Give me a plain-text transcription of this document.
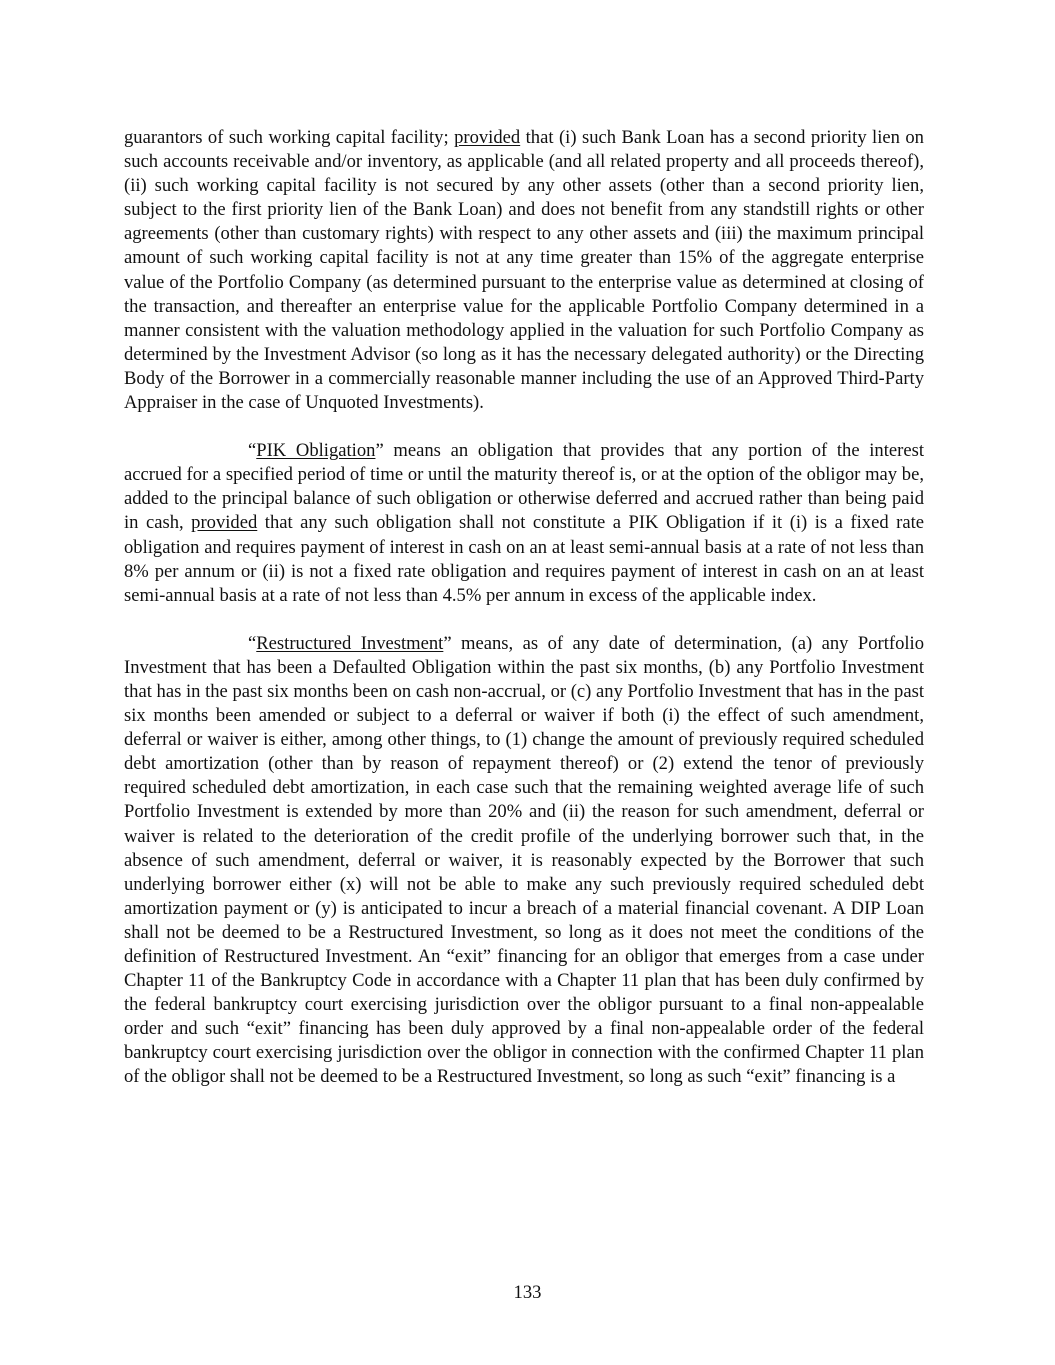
guarantors of such working capital facility; provided that (i) such Bank Loan has a second priority lien on such accounts receivable and/or inventory, as applicable (and all related property and all proceeds thereof), (ii) such working capital facility is not secured by any other assets (other than a second priority lien, subject to the first priority lien of the Bank Loan) and does not benefit from any standstill rights or other agreements (other than customary rights) with respect to any other assets and (iii) the maximum principal amount of such working capital facility is not at any time greater than 15% of the aggregate enterprise value of the Portfolio Company (as determined pursuant to the enterprise value as determined at closing of the transaction, and thereafter an enterprise value for the applicable Portfolio Company determined in a manner consistent with the valuation methodology applied in the valuation for such Portfolio Company as determined by the Investment Advisor (so long as it has the necessary delegated authority) or the Directing Body of the Borrower in a commercially reasonable manner including the use of an Approved Third-Party Appraiser in the case of Unquoted Investments).

“PIK Obligation” means an obligation that provides that any portion of the interest accrued for a specified period of time or until the maturity thereof is, or at the option of the obligor may be, added to the principal balance of such obligation or otherwise deferred and accrued rather than being paid in cash, provided that any such obligation shall not constitute a PIK Obligation if it (i) is a fixed rate obligation and requires payment of interest in cash on an at least semi-annual basis at a rate of not less than 8% per annum or (ii) is not a fixed rate obligation and requires payment of interest in cash on an at least semi-annual basis at a rate of not less than 4.5% per annum in excess of the applicable index.

“Restructured Investment” means, as of any date of determination, (a) any Portfolio Investment that has been a Defaulted Obligation within the past six months, (b) any Portfolio Investment that has in the past six months been on cash non-accrual, or (c) any Portfolio Investment that has in the past six months been amended or subject to a deferral or waiver if both (i) the effect of such amendment, deferral or waiver is either, among other things, to (1) change the amount of previously required scheduled debt amortization (other than by reason of repayment thereof) or (2) extend the tenor of previously required scheduled debt amortization, in each case such that the remaining weighted average life of such Portfolio Investment is extended by more than 20% and (ii) the reason for such amendment, deferral or waiver is related to the deterioration of the credit profile of the underlying borrower such that, in the absence of such amendment, deferral or waiver, it is reasonably expected by the Borrower that such underlying borrower either (x) will not be able to make any such previously required scheduled debt amortization payment or (y) is anticipated to incur a breach of a material financial covenant. A DIP Loan shall not be deemed to be a Restructured Investment, so long as it does not meet the conditions of the definition of Restructured Investment. An “exit” financing for an obligor that emerges from a case under Chapter 11 of the Bankruptcy Code in accordance with a Chapter 11 plan that has been duly confirmed by the federal bankruptcy court exercising jurisdiction over the obligor pursuant to a final non-appealable order and such “exit” financing has been duly approved by a final non-appealable order of the federal bankruptcy court exercising jurisdiction over the obligor in connection with the confirmed Chapter 11 plan of the obligor shall not be deemed to be a Restructured Investment, so long as such “exit” financing is a

133
